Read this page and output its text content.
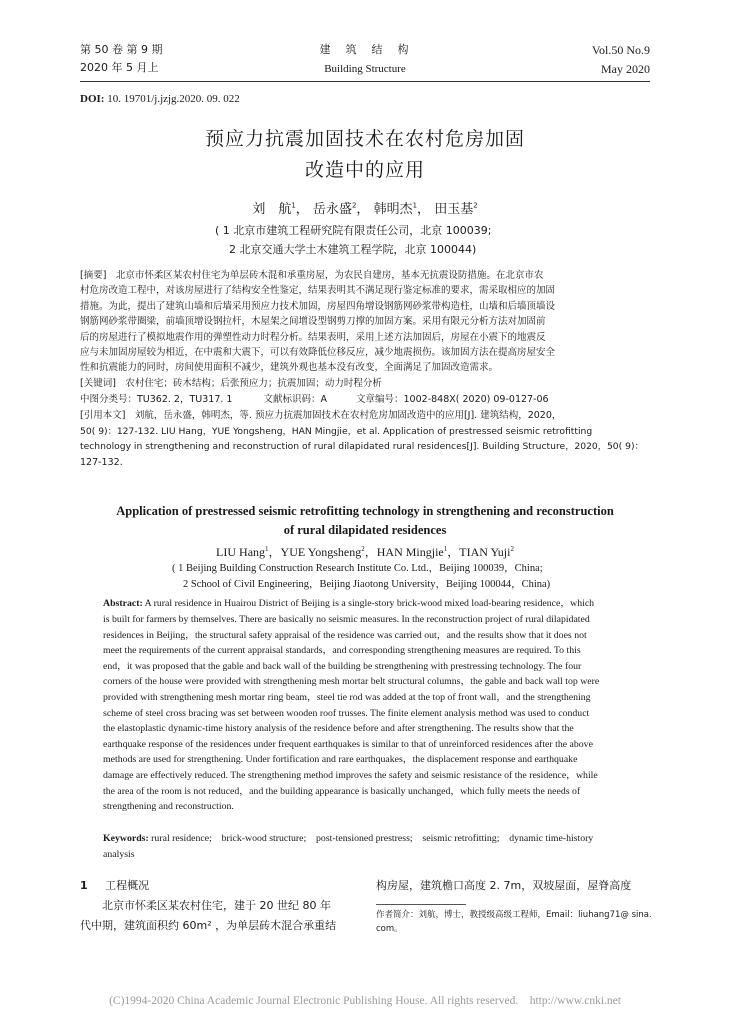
第 50 卷 第 9 期
2020 年 5 月上
建　筑　结　构
Building Structure
Vol.50 No.9
May 2020
DOI: 10. 19701/j.jzjg.2020. 09. 022
预应力抗震加固技术在农村危房加固
改造中的应用
刘　航$^1$， 岳永盛$^2$， 韩明杰$^1$， 田玉基$^2$
( 1 北京市建筑工程研究院有限责任公司，北京 100039;
2 北京交通大学土木建筑工程学院，北京 100044)
[摘要]　北京市怀柔区某农村住宅为单层砖木混和承重房屋，为农民自建房，基本无抗震设防措施。在北京市农
村危房改造工程中，对该房屋进行了结构安全性鉴定，结果表明其不满足现行鉴定标准的要求，需采取相应的加固
措施。为此，提出了建筑山墙和后墙采用预应力技术加固，房屋四角增设钢筋网砂浆带构造柱，山墙和后墙顶墙设
钢筋网砂浆带圈梁，前墙顶增设钢拉杆，木屋架之间增设型钢剪刀撑的加固方案。采用有限元分析方法对加固前
后的房屋进行了模拟地震作用的弹塑性动力时程分析。结果表明，采用上述方法加固后，房屋在小震下的地震反
应与未加固房屋较为相近，在中震和大震下，可以有效降低位移反应，减少地震损伤。该加固方法在提高房屋安全
性和抗震能力的同时，房间使用面积不减少，建筑外观也基本没有改变，全面满足了加固改造需求。
[关键词]　农村住宅；砖木结构；后张预应力；抗震加固；动力时程分析
中图分类号：TU362. 2，TU317. 1	文献标识码：A	文章编号：1002-848X( 2020) 09-0127-06
[引用本文]　刘航，岳永盛，韩明杰，等. 预应力抗震加固技术在农村危房加固改造中的应用[J]. 建筑结构，2020，
50( 9)：127-132. LIU Hang，YUE Yongsheng，HAN Mingjie，et al. Application of prestressed seismic retrofitting
technology in strengthening and reconstruction of rural dilapidated rural residences[J]. Building Structure，2020，50( 9)：
127-132.
Application of prestressed seismic retrofitting technology in strengthening and reconstruction
of rural dilapidated residences
LIU Hang$^1$，YUE Yongsheng$^2$，HAN Mingjie$^1$，TIAN Yuji$^2$
( 1 Beijing Building Construction Research Institute Co. Ltd.，Beijing 100039，China;
2 School of Civil Engineering，Beijing Jiaotong University，Beijing 100044，China)
Abstract: A rural residence in Huairou District of Beijing is a single-story brick-wood mixed load-bearing residence，which
is built for farmers by themselves. There are basically no seismic measures. In the reconstruction project of rural dilapidated
residences in Beijing，the structural safety appraisal of the residence was carried out，and the results show that it does not
meet the requirements of the current appraisal standards，and corresponding strengthening measures are required. To this
end，it was proposed that the gable and back wall of the building be strengthening with prestressing technology. The four
corners of the house were provided with strengthening mesh mortar belt structural columns，the gable and back wall top were
provided with strengthening mesh mortar ring beam，steel tie rod was added at the top of front wall，and the strengthening
scheme of steel cross bracing was set between wooden roof trusses. The finite element analysis method was used to conduct
the elastoplastic dynamic-time history analysis of the residence before and after strengthening. The results show that the
earthquake response of the residences under frequent earthquakes is similar to that of unreinforced residences after the above
methods are used for strengthening. Under fortification and rare earthquakes，the displacement response and earthquake
damage are effectively reduced. The strengthening method improves the safety and seismic resistance of the residence，while
the area of the room is not reduced，and the building appearance is basically unchanged，which fully meets the needs of
strengthening and reconstruction.
Keywords: rural residence;　brick-wood structure;　post-tensioned prestress;　seismic retrofitting;　dynamic time-history
analysis
1 工程概况
北京市怀柔区某农村住宅，建于 20 世纪 80 年
代中期，建筑面积约 60m² ，为单层砖木混合承重结
构房屋，建筑檐口高度 2. 7m，双坡屋面，屋脊高度
作者简介：刘航，博士，教授级高级工程师，Email：liuhang71@ sina.
com。
(C)1994-2020 China Academic Journal Electronic Publishing House. All rights reserved.　http://www.cnki.net
